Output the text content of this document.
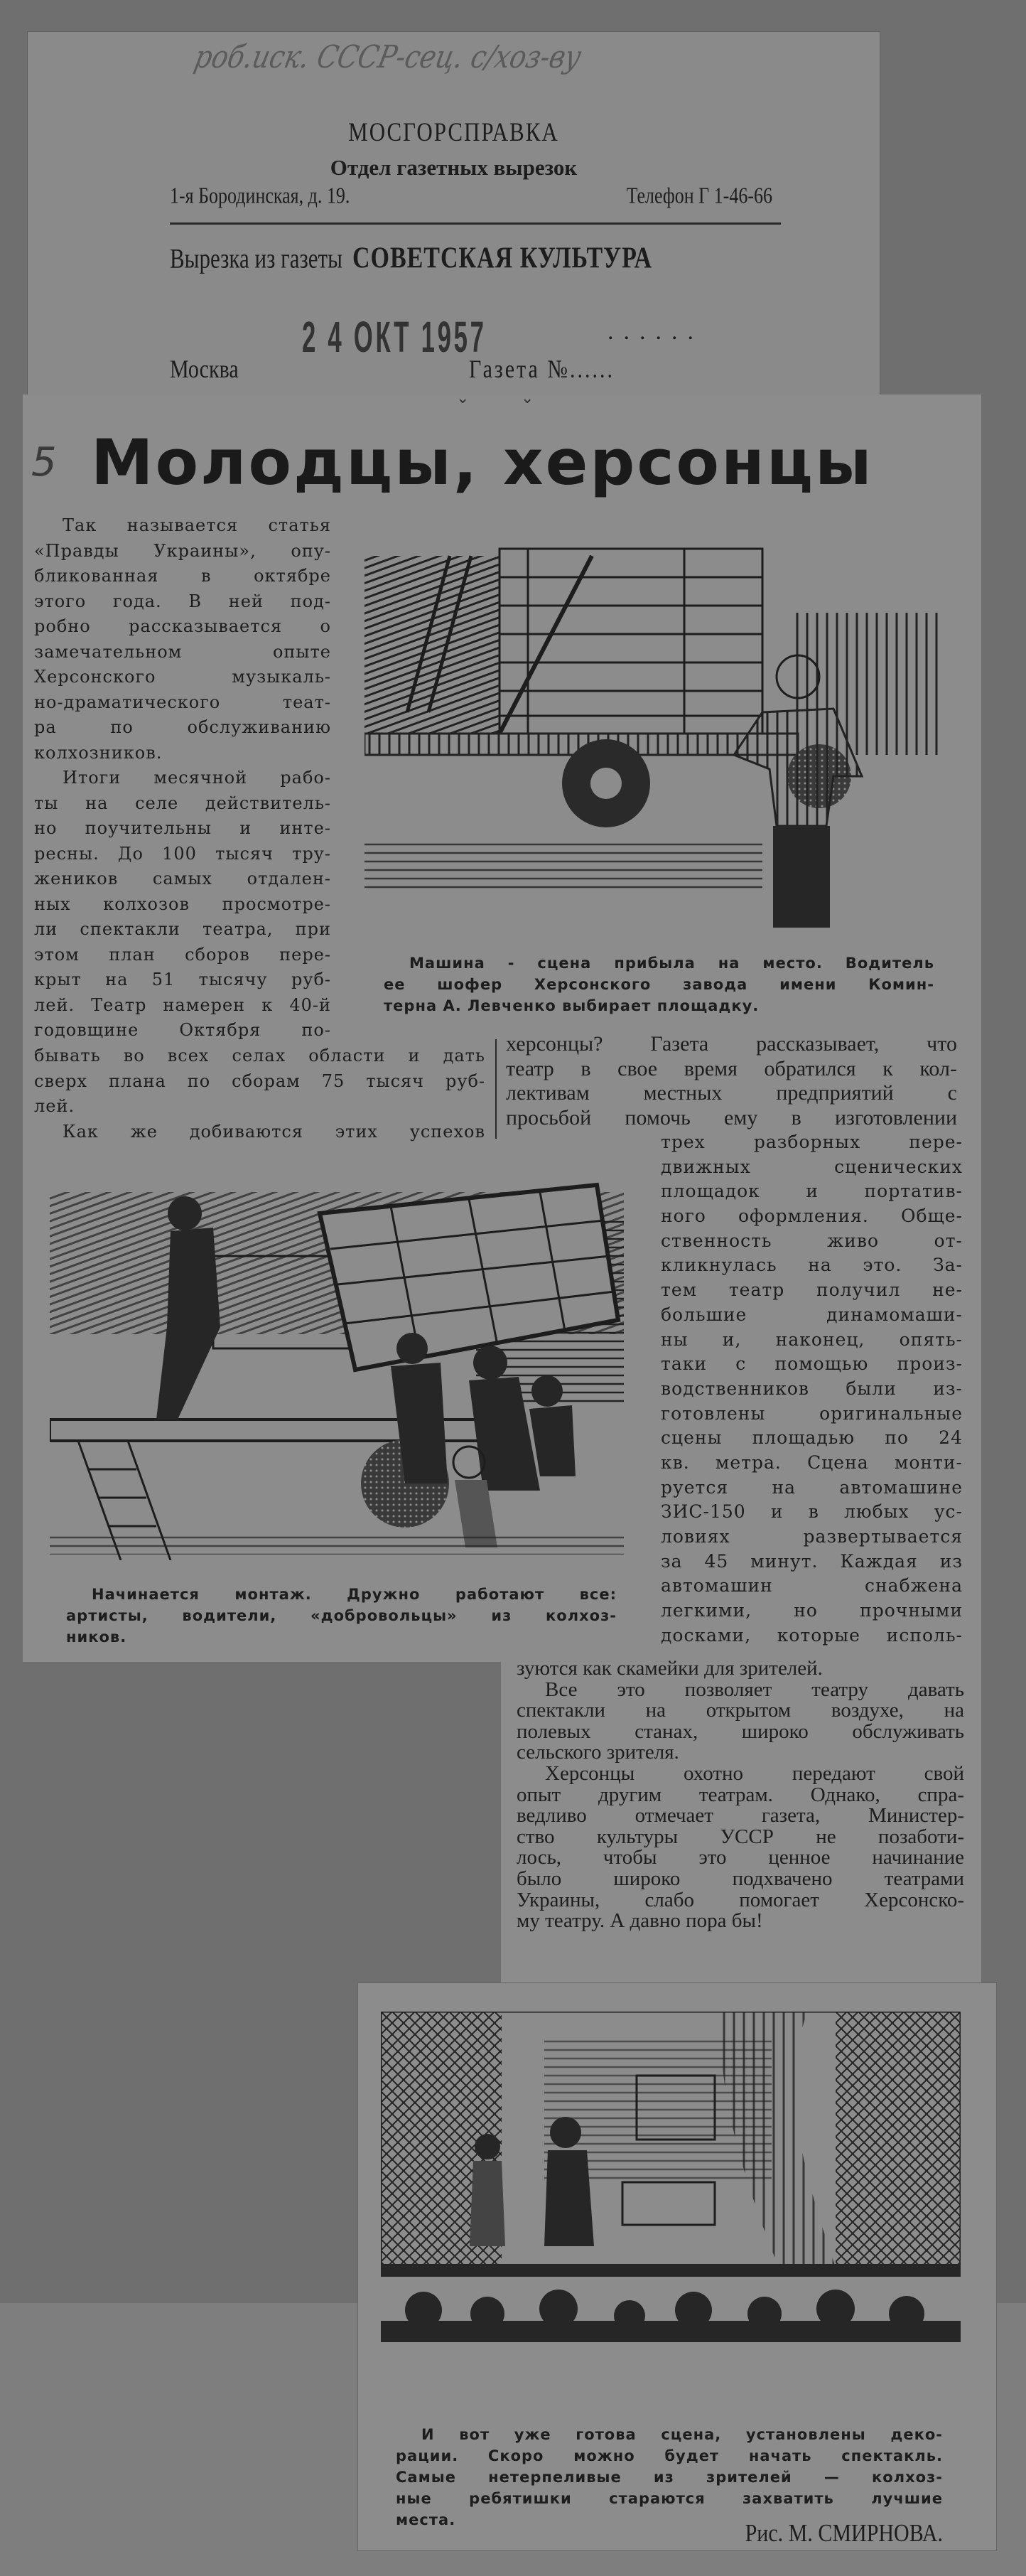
роб.иск. СССР-сец. с/хоз-ву
МОСГОРСПРАВКА
Отдел газетных вырезок
1-я Бородинская, д. 19.	Телефон Г 1-46-66
Вырезка из газеты СОВЕТСКАЯ КУЛЬТУРА
2 4 ОКТ 1957	......
Москва	Газета №......
⌄	⌄
5 Молодцы, херсонцы
Так называется статья
«Правды Украины», опу-
бликованная в октябре
этого года. В ней под-
робно рассказывается о
замечательном опыте
Херсонского музыкаль-
но-драматического теат-
ра по обслуживанию
колхозников.
Итоги месячной рабо-
ты на селе действитель-
но поучительны и инте-
ресны. До 100 тысяч тру-
жеников самых отдален-
ных колхозов просмотре-
ли спектакли театра, при
этом план сборов пере-
крыт на 51 тысячу руб-
лей. Театр намерен к 40-й
годовщине Октября по-
бывать во всех селах области и дать
сверх плана по сборам 75 тысяч руб-
лей.
Как же добиваются этих успехов
херсонцы? Газета рассказывает, что
театр в свое время обратился к кол-
лективам местных предприятий с
просьбой помочь ему в изготовлении
трех разборных пере-
движных сценических
площадок и портатив-
ного оформления. Обще-
ственность живо от-
кликнулась на это. За-
тем театр получил не-
большие динамомаши-
ны и, наконец, опять-
таки с помощью произ-
водственников были из-
готовлены оригинальные
сцены площадью по 24
кв. метра. Сцена монти-
руется на автомашине
ЗИС-150 и в любых ус-
ловиях развертывается
за 45 минут. Каждая из
автомашин снабжена
легкими, но прочными
досками, которые исполь-
зуются как скамейки для зрителей.
Все это позволяет театру давать
спектакли на открытом воздухе, на
полевых станах, широко обслуживать
сельского зрителя.
Херсонцы охотно передают свой
опыт другим театрам. Однако, спра-
ведливо отмечает газета, Министер-
ство культуры УССР не позаботи-
лось, чтобы это ценное начинание
было широко подхвачено театрами
Украины, слабо помогает Херсонско-
му театру. А давно пора бы!
Машина - сцена прибыла на место. Водитель
ее шофер Херсонского завода имени Комин-
терна А. Левченко выбирает площадку.
Начинается монтаж. Дружно работают все:
артисты, водители, «добровольцы» из колхоз-
ников.
И вот уже готова сцена, установлены деко-
рации. Скоро можно будет начать спектакль.
Самые нетерпеливые из зрителей — колхоз-
ные ребятишки стараются захватить лучшие
места.	Рис. М. СМИРНОВА.
